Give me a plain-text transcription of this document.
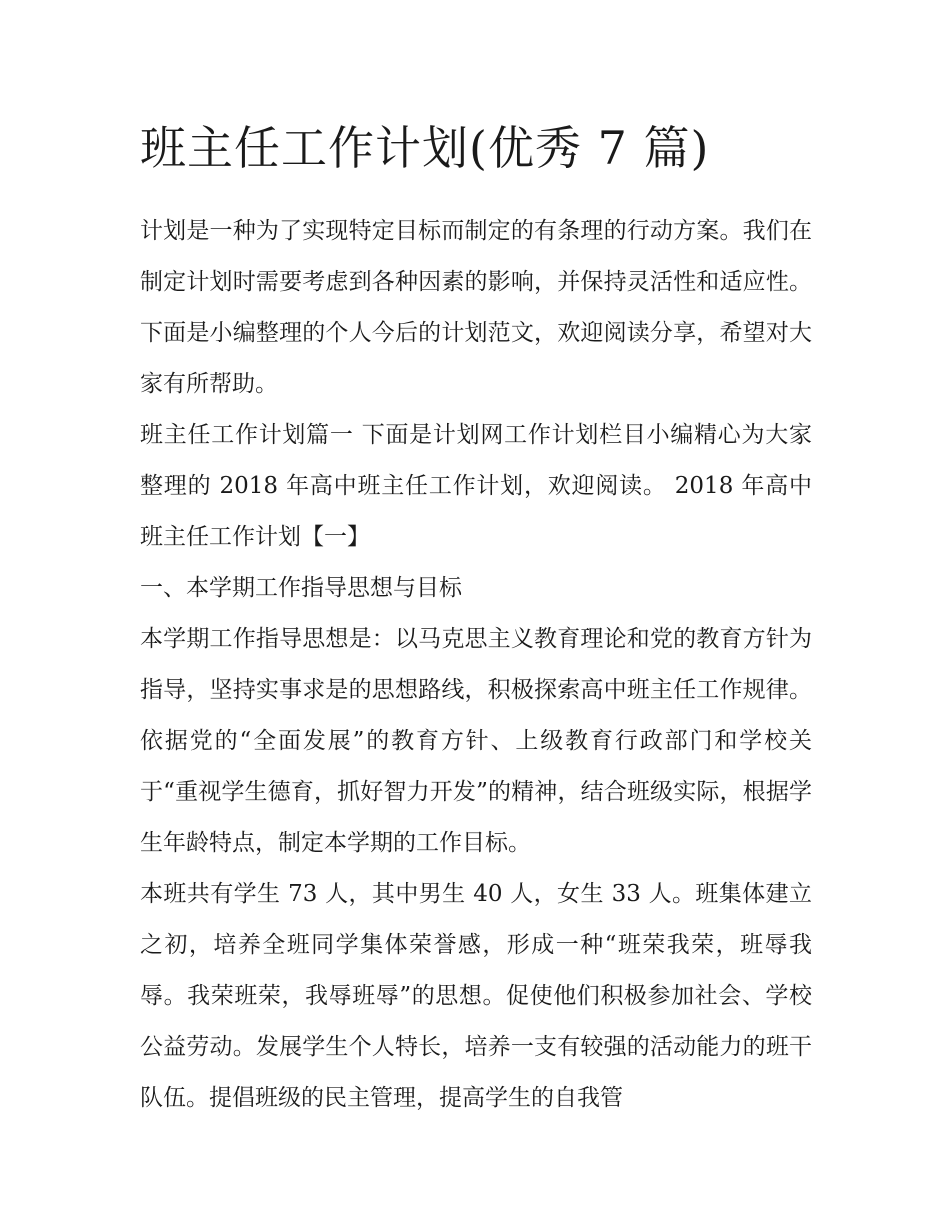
班主任工作计划(优秀 7 篇)

计划是一种为了实现特定目标而制定的有条理的行动方案。我们在制定计划时需要考虑到各种因素的影响，并保持灵活性和适应性。下面是小编整理的个人今后的计划范文，欢迎阅读分享，希望对大家有所帮助。

班主任工作计划篇一 下面是计划网工作计划栏目小编精心为大家整理的 2018 年高中班主任工作计划，欢迎阅读。 2018 年高中班主任工作计划【一】

一、本学期工作指导思想与目标

本学期工作指导思想是：以马克思主义教育理论和党的教育方针为指导，坚持实事求是的思想路线，积极探索高中班主任工作规律。依据党的“全面发展”的教育方针、上级教育行政部门和学校关于“重视学生德育，抓好智力开发”的精神，结合班级实际，根据学生年龄特点，制定本学期的工作目标。

本班共有学生 73 人，其中男生 40 人，女生 33 人。班集体建立之初，培养全班同学集体荣誉感，形成一种“班荣我荣，班辱我辱。我荣班荣，我辱班辱”的思想。促使他们积极参加社会、学校公益劳动。发展学生个人特长，培养一支有较强的活动能力的班干队伍。提倡班级的民主管理，提高学生的自我管
